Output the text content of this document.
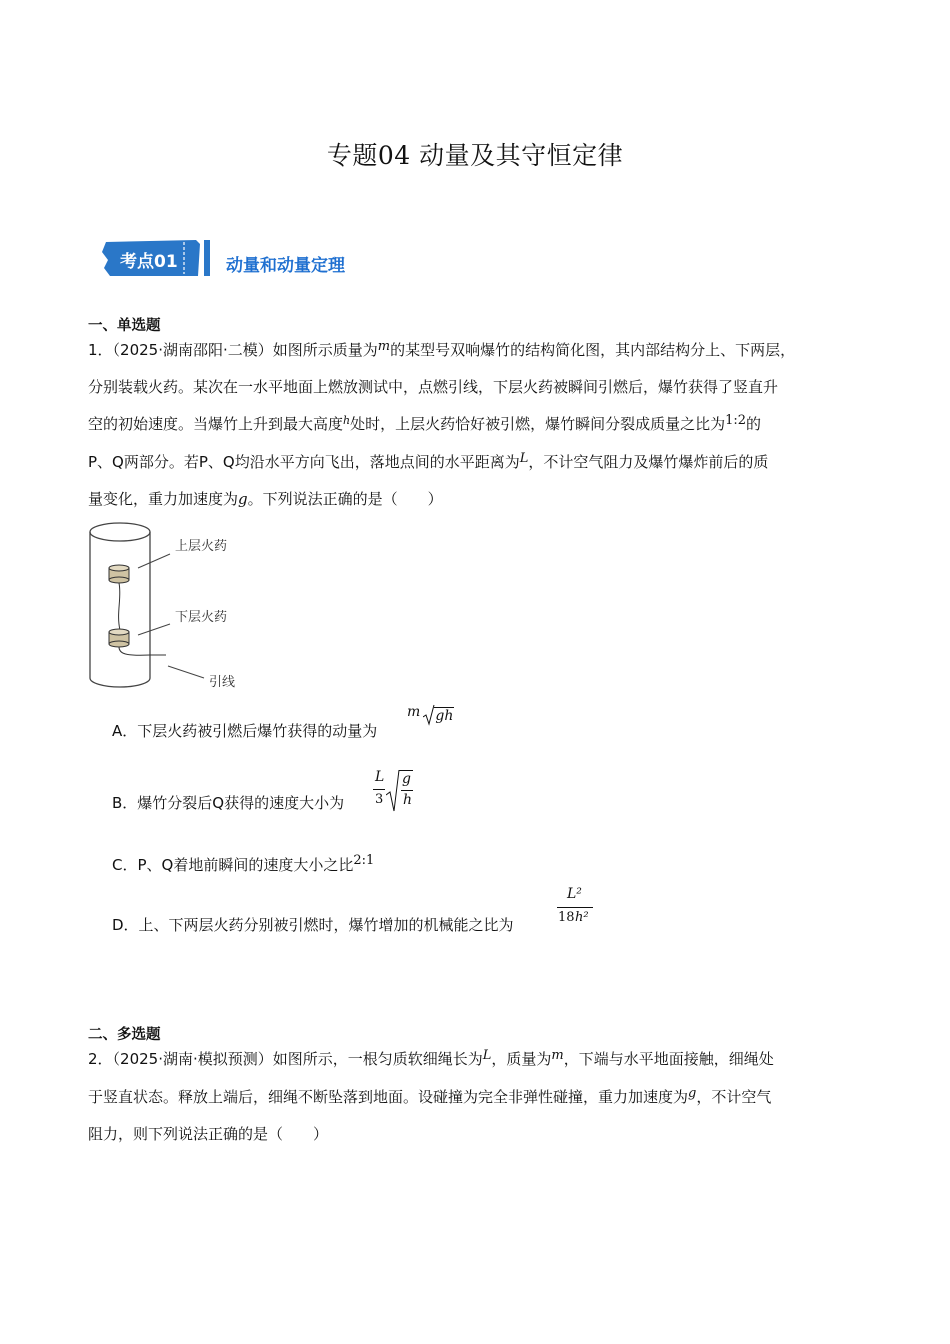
专题04 动量及其守恒定律
考点01	动量和动量定理
一、单选题
1．（2025·湖南邵阳·二模）如图所示质量为m的某型号双响爆竹的结构简化图，其内部结构分上、下两层，
分别装载火药。某次在一水平地面上燃放测试中，点燃引线，下层火药被瞬间引燃后，爆竹获得了竖直升
空的初始速度。当爆竹上升到最大高度$^h$处时，上层火药恰好被引燃，爆竹瞬间分裂成质量之比为1:2的
P、Q两部分。若P、Q均沿水平方向飞出，落地点间的水平距离为L，不计空气阻力及爆竹爆炸前后的质
量变化，重力加速度为g。下列说法正确的是（　　）
上层火药
下层火药
引线
A．下层火药被引燃后爆竹获得的动量为
m gh
B．爆竹分裂后Q获得的速度大小为
L
3
g
h
C．P、Q着地前瞬间的速度大小之比2:1
D．上、下两层火药分别被引燃时，爆竹增加的机械能之比为
L²
18 h²
二、多选题
2．（2025·湖南·模拟预测）如图所示，一根匀质软细绳长为L，质量为m，下端与水平地面接触，细绳处
于竖直状态。释放上端后，细绳不断坠落到地面。设碰撞为完全非弹性碰撞，重力加速度为g，不计空气
阻力，则下列说法正确的是（　　）
